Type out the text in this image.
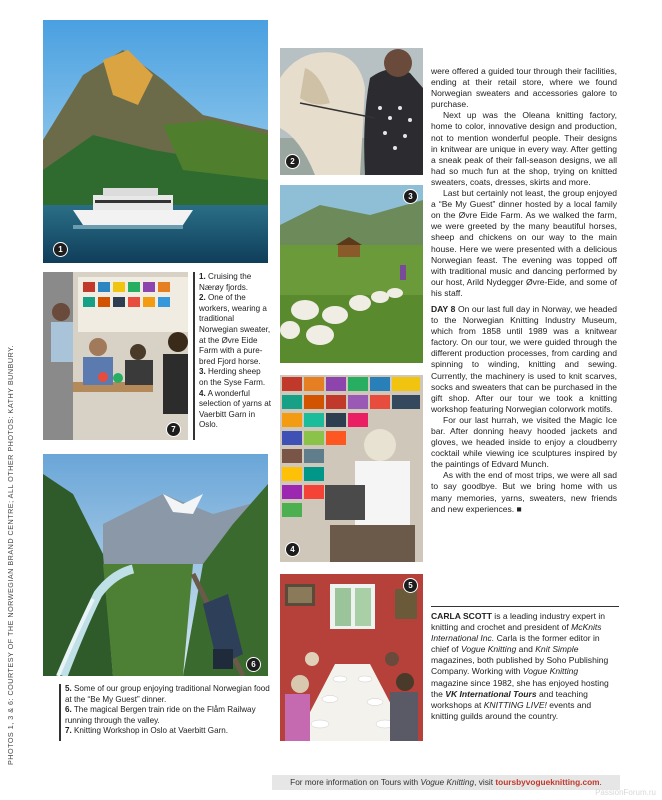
PHOTOS 1, 3 & 6: COURTESY OF THE NORWEGIAN BRAND CENTRE; ALL OTHER PHOTOS: KATHY BUNBURY.
1
2
3
7
1. Cruising the Nærøy fjords.
2. One of the workers, wearing a traditional Norwegian sweater, at the Øvre Eide Farm with a pure-bred Fjord horse.
3. Herding sheep on the Syse Farm.
4. A wonderful selection of yarns at Vaerbitt Garn in Oslo.
4
6
5. Some of our group enjoying traditional Norwegian food at the “Be My Guest” dinner.
6. The magical Bergen train ride on the Flåm Railway running through the valley.
7. Knitting Workshop in Oslo at Vaerbitt Garn.
5

were offered a guided tour through their facilities, ending at their retail store, where we found Norwegian sweaters and accessories galore to purchase.

Next up was the Oleana knitting factory, home to color, innovative design and production, not to mention wonderful people. Their designs in knitwear are unique in every way. After getting a sneak peak of their fall-season designs, we all had so much fun at the shop, trying on knitted sweaters, coats, dresses, skirts and more.

Last but certainly not least, the group enjoyed a “Be My Guest” dinner hosted by a local family on the Øvre Eide Farm. As we walked the farm, we were greeted by the many beautiful horses, sheep and chickens on our way to the main house. Here we were presented with a delicious Norwegian feast. The evening was topped off with traditional music and dancing performed by our host, Arild Nydegger Øvre-Eide, and some of his staff.

DAY 8 On our last full day in Norway, we headed to the Norwegian Knitting Industry Museum, which from 1858 until 1989 was a knitwear factory. On our tour, we were guided through the different production processes, from carding and spinning to winding, knitting and sewing. Currently, the machinery is used to knit scarves, socks and sweaters that can be purchased in the gift shop. After our tour we took a knitting workshop featuring Norwegian colorwork motifs.

For our last hurrah, we visited the Magic Ice bar. After donning heavy hooded jackets and gloves, we headed inside to enjoy a cloudberry cocktail while viewing ice sculptures inspired by the paintings of Edvard Munch.

As with the end of most trips, we were all sad to say goodbye. But we bring home with us many memories, yarns, sweaters, new friends and new experiences. ■

CARLA SCOTT is a leading industry expert in knitting and crochet and president of McKnits International Inc. Carla is the former editor in chief of Vogue Knitting and Knit Simple magazines, both published by Soho Publishing Company. Working with Vogue Knitting magazine since 1982, she has enjoyed hosting the VK International Tours and teaching workshops at KNITTING LIVE! events and knitting guilds around the country.
For more information on Tours with Vogue Knitting, visit toursbyvogueknitting.com.
PassionForum.ru
